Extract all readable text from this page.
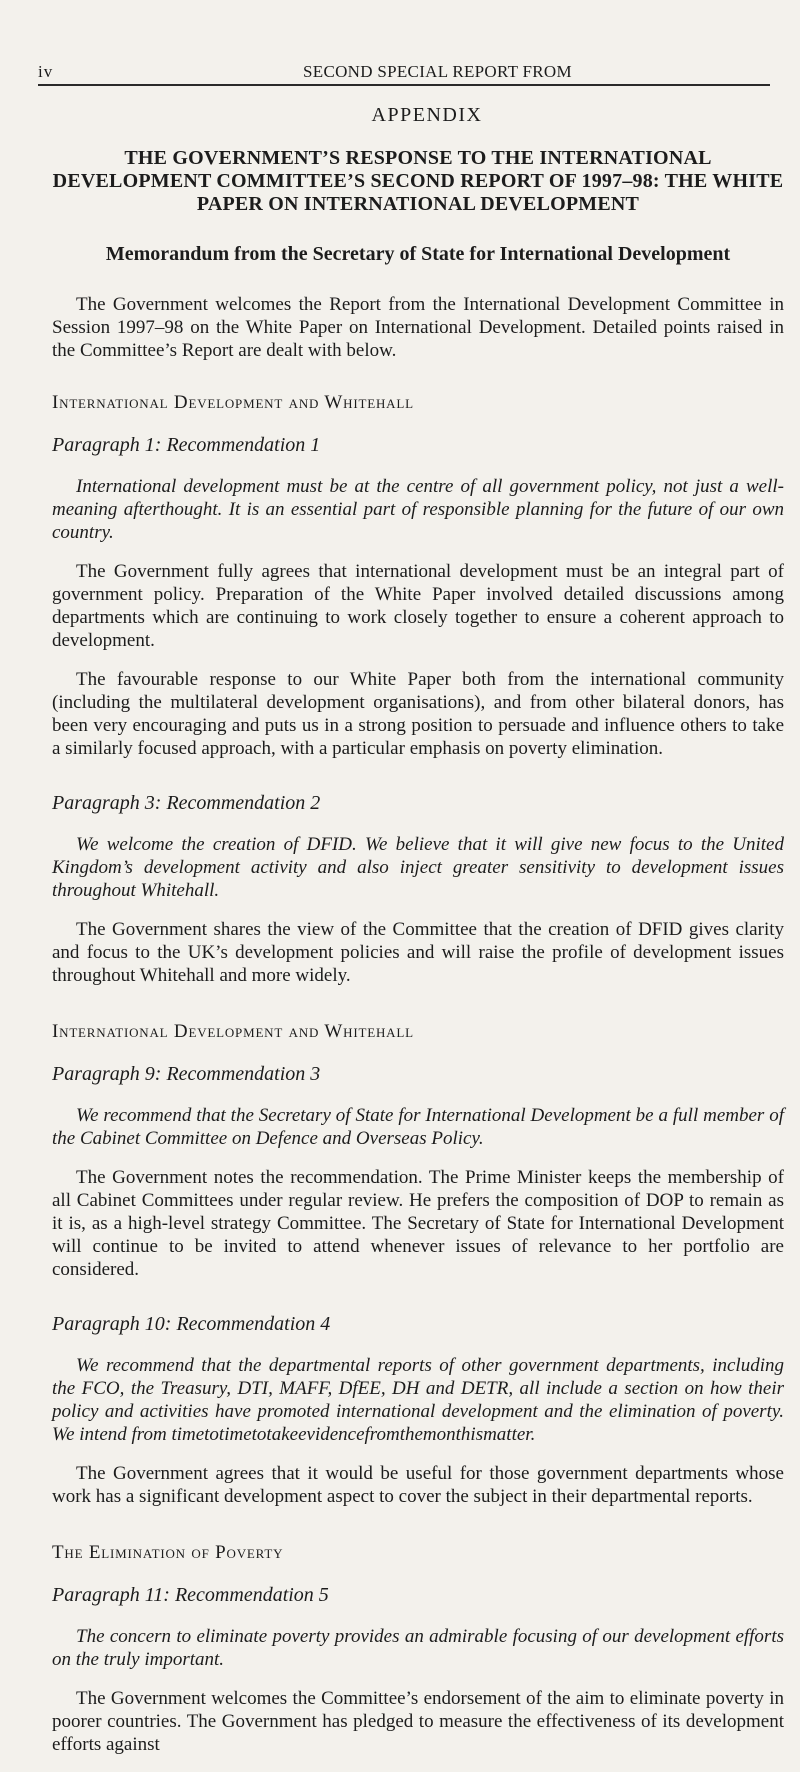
iv	SECOND SPECIAL REPORT FROM
APPENDIX
THE GOVERNMENT’S RESPONSE TO THE INTERNATIONAL DEVELOPMENT COMMITTEE’S SECOND REPORT OF 1997–98: THE WHITE PAPER ON INTERNATIONAL DEVELOPMENT
Memorandum from the Secretary of State for International Development

The Government welcomes the Report from the International Development Committee in Session 1997–98 on the White Paper on International Development. Detailed points raised in the Committee’s Report are dealt with below.

International Development and Whitehall
Paragraph 1: Recommendation 1

International development must be at the centre of all government policy, not just a well-meaning afterthought. It is an essential part of responsible planning for the future of our own country.

The Government fully agrees that international development must be an integral part of government policy. Preparation of the White Paper involved detailed discussions among departments which are continuing to work closely together to ensure a coherent approach to development.

The favourable response to our White Paper both from the international community (including the multilateral development organisations), and from other bilateral donors, has been very encouraging and puts us in a strong position to persuade and influence others to take a similarly focused approach, with a particular emphasis on poverty elimination.

Paragraph 3: Recommendation 2

We welcome the creation of DFID. We believe that it will give new focus to the United Kingdom’s development activity and also inject greater sensitivity to development issues throughout Whitehall.

The Government shares the view of the Committee that the creation of DFID gives clarity and focus to the UK’s development policies and will raise the profile of development issues throughout Whitehall and more widely.

International Development and Whitehall
Paragraph 9: Recommendation 3

We recommend that the Secretary of State for International Development be a full member of the Cabinet Committee on Defence and Overseas Policy.

The Government notes the recommendation. The Prime Minister keeps the membership of all Cabinet Committees under regular review. He prefers the composition of DOP to remain as it is, as a high-level strategy Committee. The Secretary of State for International Development will continue to be invited to attend whenever issues of relevance to her portfolio are considered.

Paragraph 10: Recommendation 4

We recommend that the departmental reports of other government departments, including the FCO, the Treasury, DTI, MAFF, DfEE, DH and DETR, all include a section on how their policy and activities have promoted international development and the elimination of poverty. We intend from timetotimetotakeevidencefromthemonthismatter.

The Government agrees that it would be useful for those government departments whose work has a significant development aspect to cover the subject in their departmental reports.

The Elimination of Poverty
Paragraph 11: Recommendation 5

The concern to eliminate poverty provides an admirable focusing of our development efforts on the truly important.

The Government welcomes the Committee’s endorsement of the aim to eliminate poverty in poorer countries. The Government has pledged to measure the effectiveness of its development efforts against
